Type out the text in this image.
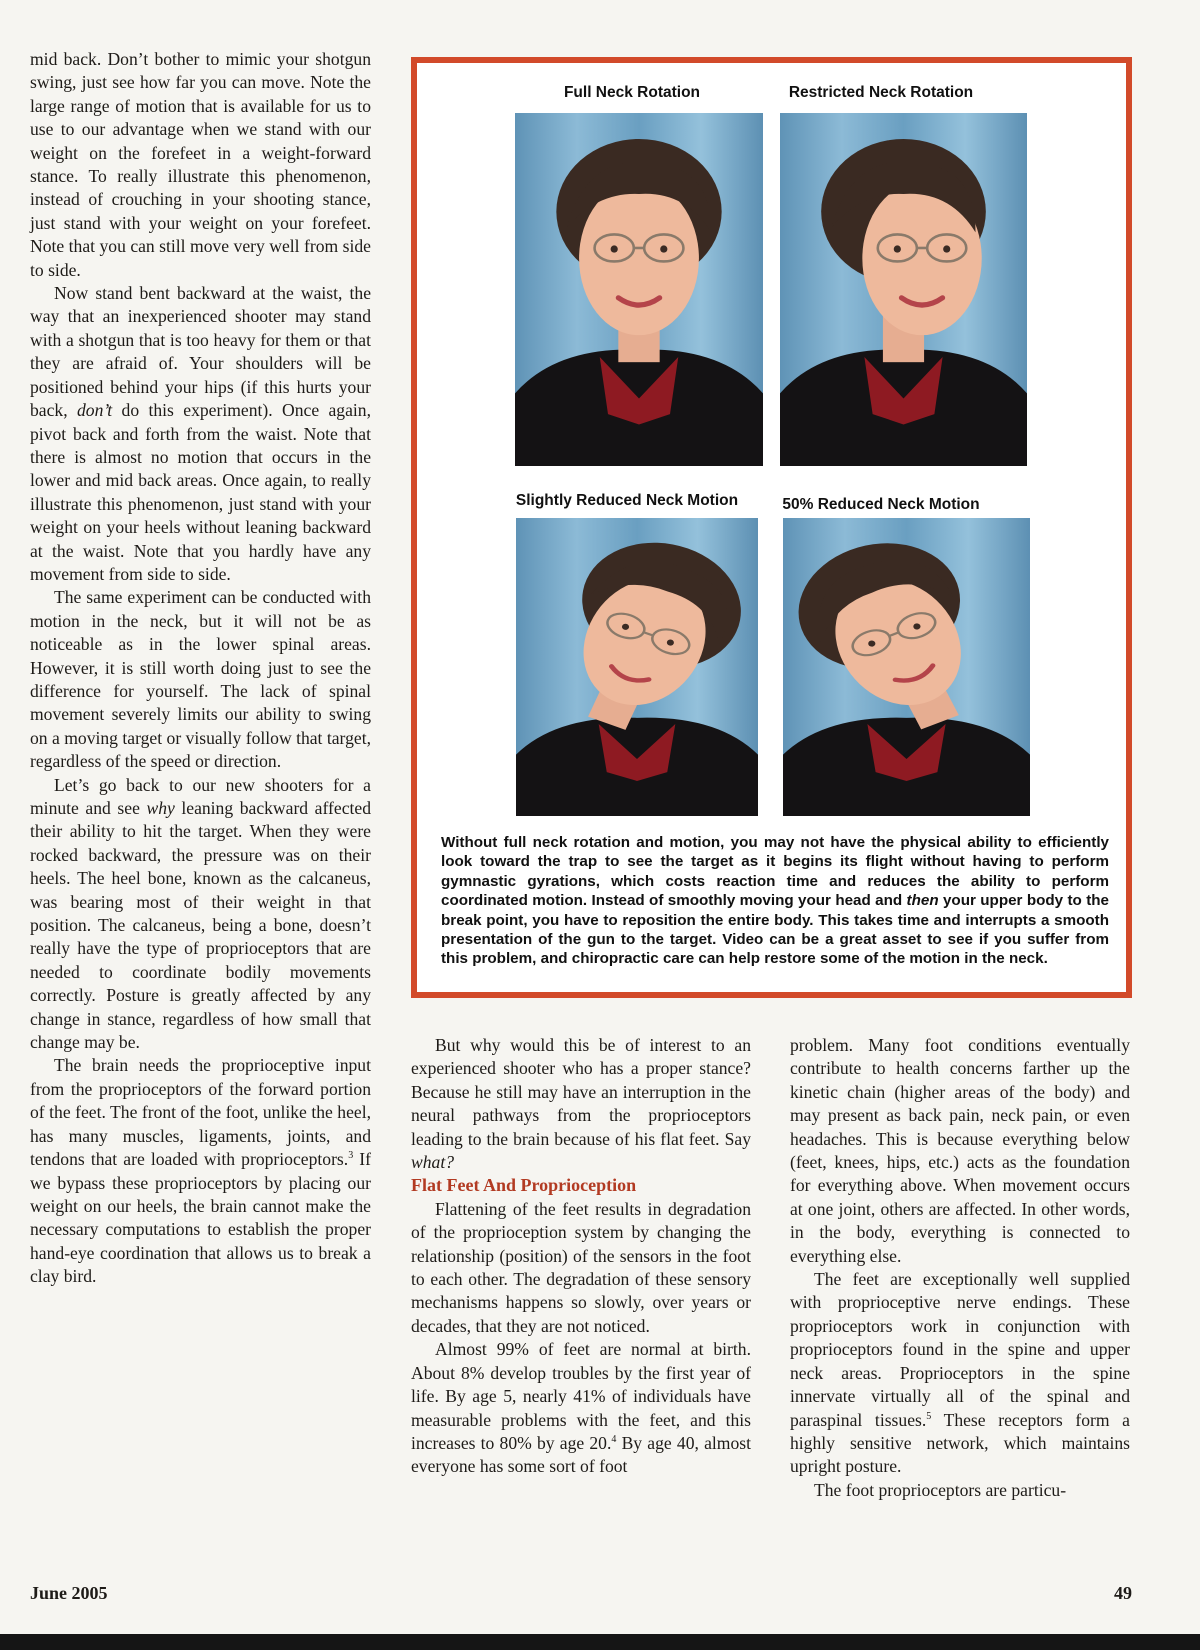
mid back. Don’t bother to mimic your shotgun swing, just see how far you can move. Note the large range of motion that is available for us to use to our advantage when we stand with our weight on the forefeet in a weight-forward stance. To really illustrate this phenomenon, instead of crouching in your shooting stance, just stand with your weight on your forefeet. Note that you can still move very well from side to side.

Now stand bent backward at the waist, the way that an inexperienced shooter may stand with a shotgun that is too heavy for them or that they are afraid of. Your shoulders will be positioned behind your hips (if this hurts your back, don’t do this experiment). Once again, pivot back and forth from the waist. Note that there is almost no motion that occurs in the lower and mid back areas. Once again, to really illustrate this phenomenon, just stand with your weight on your heels without leaning backward at the waist. Note that you hardly have any movement from side to side.

The same experiment can be conducted with motion in the neck, but it will not be as noticeable as in the lower spinal areas. However, it is still worth doing just to see the difference for yourself. The lack of spinal movement severely limits our ability to swing on a moving target or visually follow that target, regardless of the speed or direction.

Let’s go back to our new shooters for a minute and see why leaning backward affected their ability to hit the target. When they were rocked backward, the pressure was on their heels. The heel bone, known as the calcaneus, was bearing most of their weight in that position. The calcaneus, being a bone, doesn’t really have the type of proprioceptors that are needed to coordinate bodily movements correctly. Posture is greatly affected by any change in stance, regardless of how small that change may be.

The brain needs the proprioceptive input from the proprioceptors of the forward portion of the feet. The front of the foot, unlike the heel, has many muscles, ligaments, joints, and tendons that are loaded with proprioceptors.$^3$ If we bypass these proprioceptors by placing our weight on our heels, the brain cannot make the necessary computations to establish the proper hand-eye coordination that allows us to break a clay bird.

Full Neck Rotation	Restricted Neck Rotation
Slightly Reduced Neck Motion	50% Reduced Neck Motion
Without full neck rotation and motion, you may not have the physical ability to efficiently look toward the trap to see the target as it begins its flight without having to perform gymnastic gyrations, which costs reaction time and reduces the ability to perform coordinated motion. Instead of smoothly moving your head and then your upper body to the break point, you have to reposition the entire body. This takes time and interrupts a smooth presentation of the gun to the target. Video can be a great asset to see if you suffer from this problem, and chiropractic care can help restore some of the motion in the neck.

But why would this be of interest to an experienced shooter who has a proper stance? Because he still may have an interruption in the neural pathways from the proprioceptors leading to the brain because of his flat feet. Say what?

Flat Feet And Proprioception

Flattening of the feet results in degradation of the proprioception system by changing the relationship (position) of the sensors in the foot to each other. The degradation of these sensory mechanisms happens so slowly, over years or decades, that they are not noticed.

Almost 99% of feet are normal at birth. About 8% develop troubles by the first year of life. By age 5, nearly 41% of individuals have measurable problems with the feet, and this increases to 80% by age 20.$^4$ By age 40, almost everyone has some sort of foot

problem. Many foot conditions eventually contribute to health concerns farther up the kinetic chain (higher areas of the body) and may present as back pain, neck pain, or even headaches. This is because everything below (feet, knees, hips, etc.) acts as the foundation for everything above. When movement occurs at one joint, others are affected. In other words, in the body, everything is connected to everything else.

The feet are exceptionally well supplied with proprioceptive nerve endings. These proprioceptors work in conjunction with proprioceptors found in the spine and upper neck areas. Proprioceptors in the spine innervate virtually all of the spinal and paraspinal tissues.$^5$ These receptors form a highly sensitive network, which maintains upright posture.

The foot proprioceptors are particu-

June 2005	49
